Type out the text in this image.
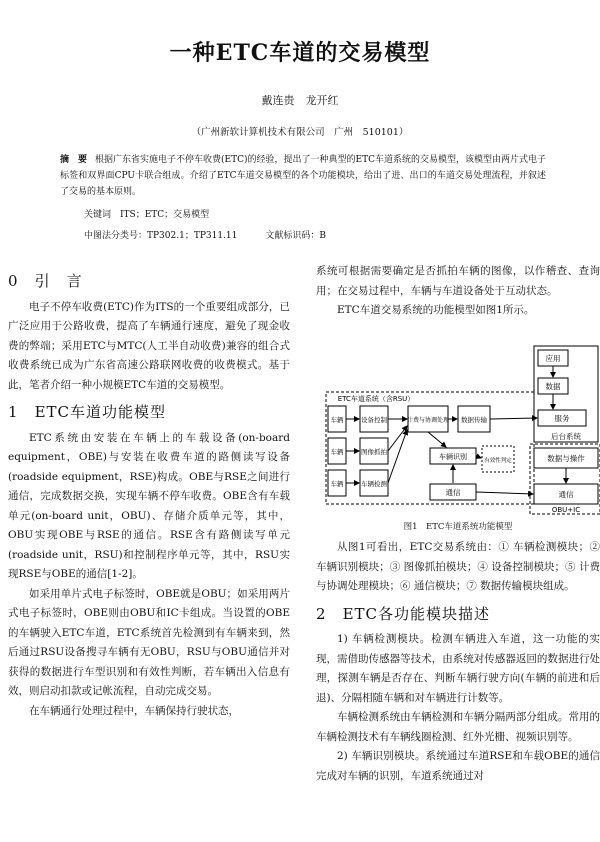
一种ETC车道的交易模型
戴连贵　龙开红
（广州新软计算机技术有限公司　广州　510101）
摘　要 根据广东省实施电子不停车收费(ETC)的经验，提出了一种典型的ETC车道系统的交易模型，该模型由两片式电子标签和双界面CPU卡联合组成。介绍了ETC车道交易模型的各个功能模块，给出了进、出口的车道交易处理流程，并叙述了交易的基本原则。
关键词　ITS；ETC；交易模型
中图法分类号：TP302.1；TP311.11	文献标识码：B
0　 引　言

电子不停车收费(ETC)作为ITS的一个重要组成部分，已广泛应用于公路收费，提高了车辆通行速度，避免了现金收费的弊端；采用ETC与MTC(人工半自动收费)兼容的组合式收费系统已成为广东省高速公路联网收费的收费模式。基于此，笔者介绍一种小规模ETC车道的交易模型。

1　 ETC车道功能模型

ETC系统由安装在车辆上的车载设备(on-board equipment，OBE)与安装在收费车道的路侧读写设备(roadside equipment，RSE)构成。OBE与RSE之间进行通信，完成数据交换，实现车辆不停车收费。OBE含有车载单元(on-board unit，OBU)、存储介质单元等，其中，OBU实现OBE与RSE的通信。RSE含有路侧读写单元(roadside unit，RSU)和控制程序单元等，其中，RSU实现RSE与OBE的通信[1-2]。

如采用单片式电子标签时，OBE就是OBU；如采用两片式电子标签时，OBE则由OBU和IC卡组成。当设置的OBE的车辆驶入ETC车道，ETC系统首先检测到有车辆来到，然后通过RSU设备搜寻车辆有无OBU，RSU与OBU通信并对获得的数据进行车型识别和有效性判断，若车辆出入信息有效，则启动扣款或记帐流程，自动完成交易。

在车辆通行处理过程中，车辆保持行驶状态，

系统可根据需要确定是否抓拍车辆的图像，以作稽查、查询用；在交易过程中，车辆与车道设备处于互动状态。

ETC车道交易系统的功能模型如图1所示。

应用
数据
服务
后台系统
ETC车道系统（含RSU）
车辆
车辆
车辆
设备控制
图像抓拍
车辆检测
计费与协调处理 数据传输
车辆识别	有效性判定
通信
数据与操作
通信
OBU+IC
图1　ETC车道系统功能模型

从图1可看出，ETC交易系统由：① 车辆检测模块；② 车辆识别模块；③ 图像抓拍模块；④ 设备控制模块；⑤ 计费与协调处理模块；⑥ 通信模块；⑦ 数据传输模块组成。

2　 ETC各功能模块描述

1) 车辆检测模块。检测车辆进入车道，这一功能的实现，需借助传感器等技术，由系统对传感器返回的数据进行处理，探测车辆是否存在、判断车辆行驶方向(车辆的前进和后退)、分隔相随车辆和对车辆进行计数等。

车辆检测系统由车辆检测和车辆分隔两部分组成。常用的车辆检测技术有车辆线圈检测、红外光栅、视频识别等。

2) 车辆识别模块。系统通过车道RSE和车载OBE的通信完成对车辆的识别，车道系统通过对
